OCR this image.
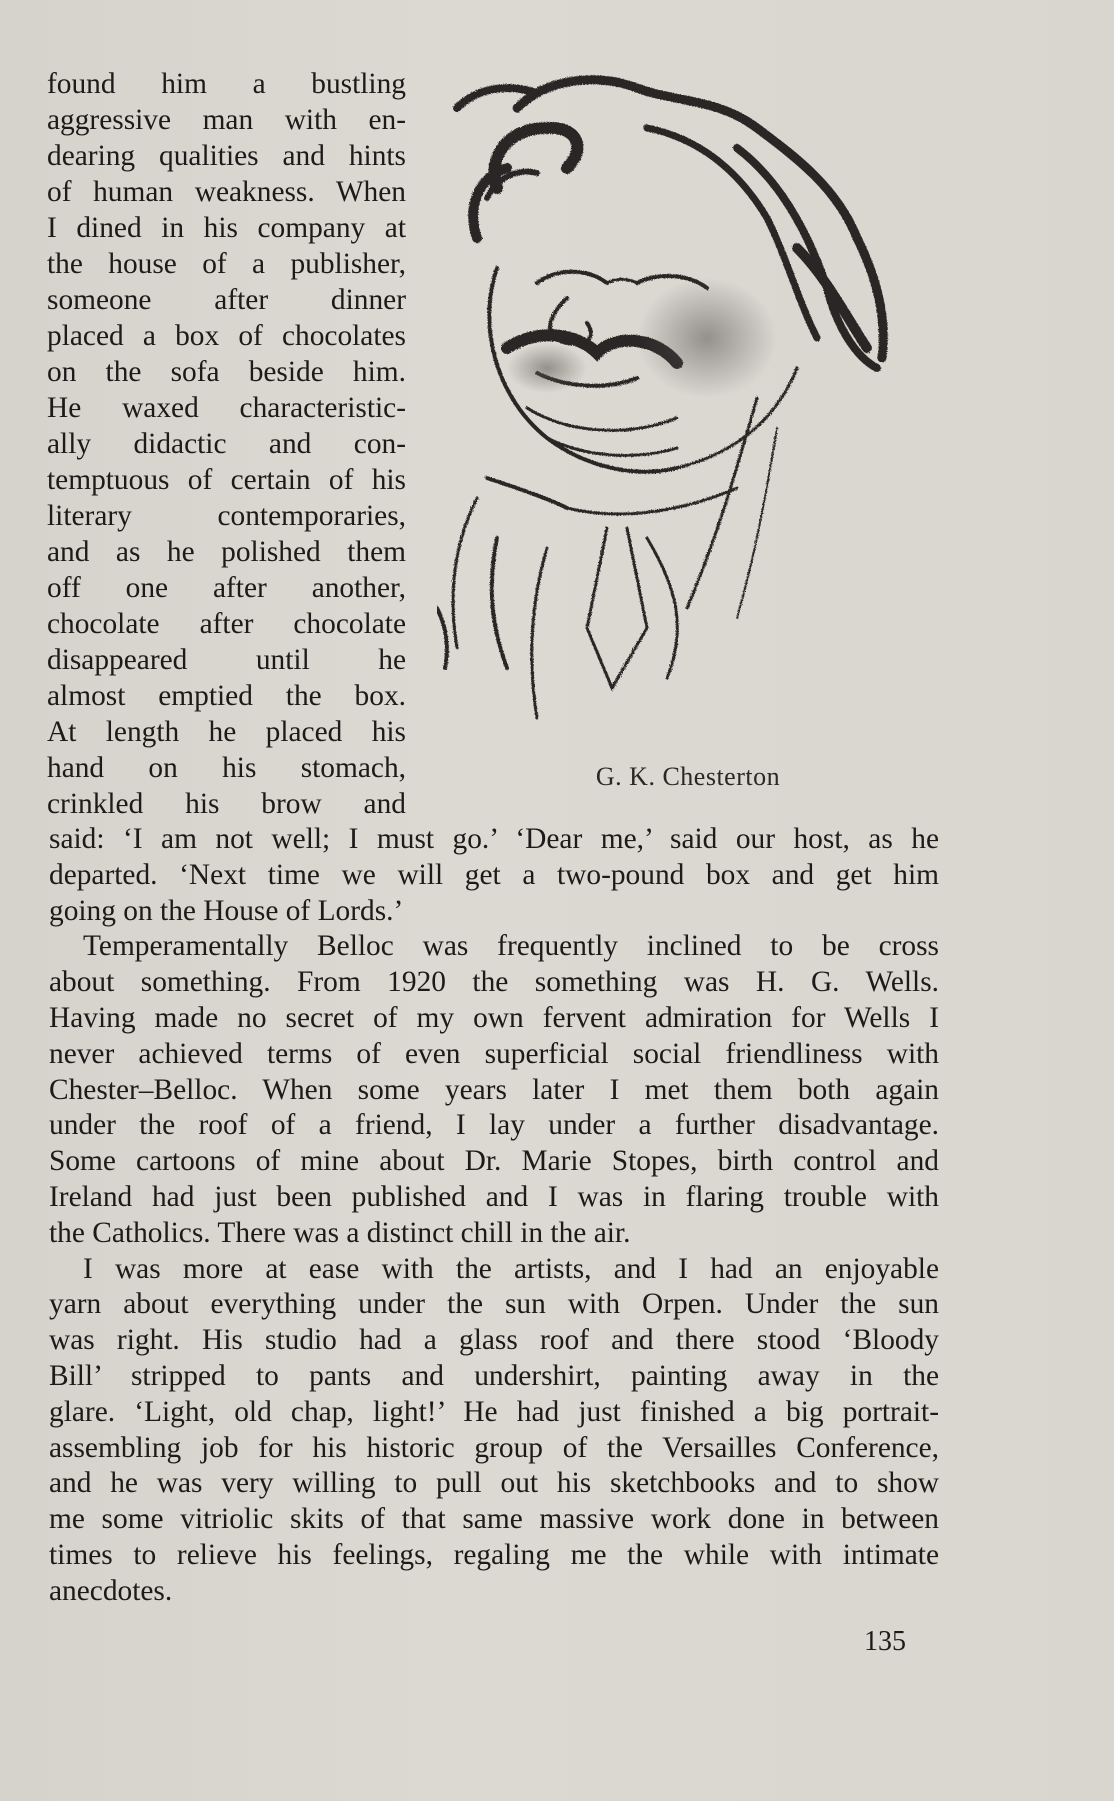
found him a bustling
aggressive man with en-
dearing qualities and hints
of human weakness. When
I dined in his company at
the house of a publisher,
someone after dinner
placed a box of chocolates
on the sofa beside him.
He waxed characteristic-
ally didactic and con-
temptuous of certain of his
literary contemporaries,
and as he polished them
off one after another,
chocolate after chocolate
disappeared until he
almost emptied the box.
At length he placed his
hand on his stomach,
crinkled his brow and
G. K. Chesterton
said: ‘I am not well; I must go.’ ‘Dear me,’ said our host, as he
departed. ‘Next time we will get a two-pound box and get him
going on the House of Lords.’
Temperamentally Belloc was frequently inclined to be cross
about something. From 1920 the something was H. G. Wells.
Having made no secret of my own fervent admiration for Wells I
never achieved terms of even superficial social friendliness with
Chester–Belloc. When some years later I met them both again
under the roof of a friend, I lay under a further disadvantage.
Some cartoons of mine about Dr. Marie Stopes, birth control and
Ireland had just been published and I was in flaring trouble with
the Catholics. There was a distinct chill in the air.
I was more at ease with the artists, and I had an enjoyable
yarn about everything under the sun with Orpen. Under the sun
was right. His studio had a glass roof and there stood ‘Bloody
Bill’ stripped to pants and undershirt, painting away in the
glare. ‘Light, old chap, light!’ He had just finished a big portrait-
assembling job for his historic group of the Versailles Conference,
and he was very willing to pull out his sketchbooks and to show
me some vitriolic skits of that same massive work done in between
times to relieve his feelings, regaling me the while with intimate
anecdotes.
135
